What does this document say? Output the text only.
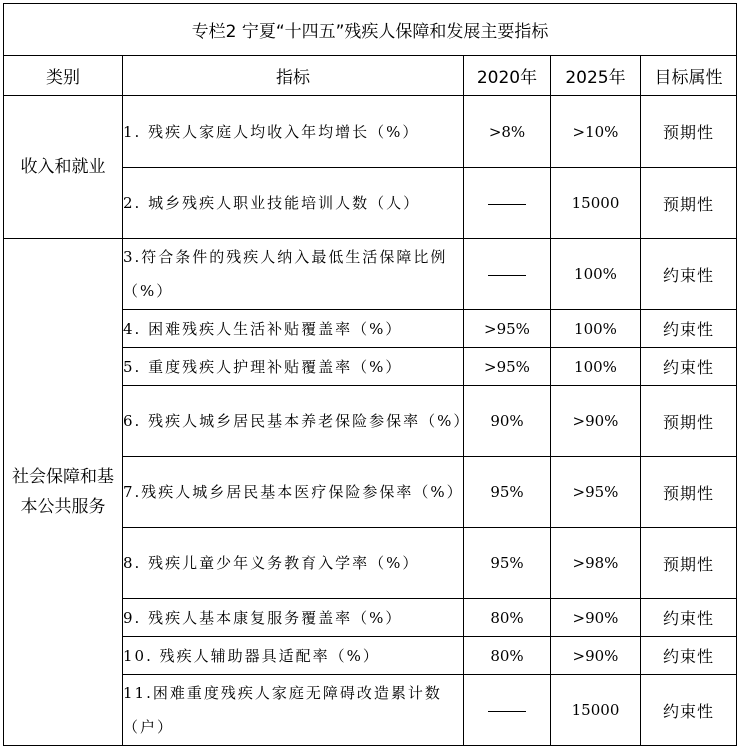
专栏2 宁夏“十四五”残疾人保障和发展主要指标				
类别	指标	2020年	2025年	目标属性
收入和就业	1. 残疾人家庭人均收入年均增长（%）	>8%	>10%	预期性
	2. 城乡残疾人职业技能培训人数（人）		15000	预期性
社会保障和基本公共服务	3.符合条件的残疾人纳入最低生活保障比例（%）		100%	约束性
	4. 困难残疾人生活补贴覆盖率（%）	>95%	100%	约束性
	5. 重度残疾人护理补贴覆盖率（%）	>95%	100%	约束性
	6. 残疾人城乡居民基本养老保险参保率（%）	90%	>90%	预期性
	7.残疾人城乡居民基本医疗保险参保率（%）	95%	>95%	预期性
	8. 残疾儿童少年义务教育入学率（%）	95%	>98%	预期性
	9. 残疾人基本康复服务覆盖率（%）	80%	>90%	约束性
	10. 残疾人辅助器具适配率（%）	80%	>90%	约束性
	11.困难重度残疾人家庭无障碍改造累计数（户）		15000	约束性
